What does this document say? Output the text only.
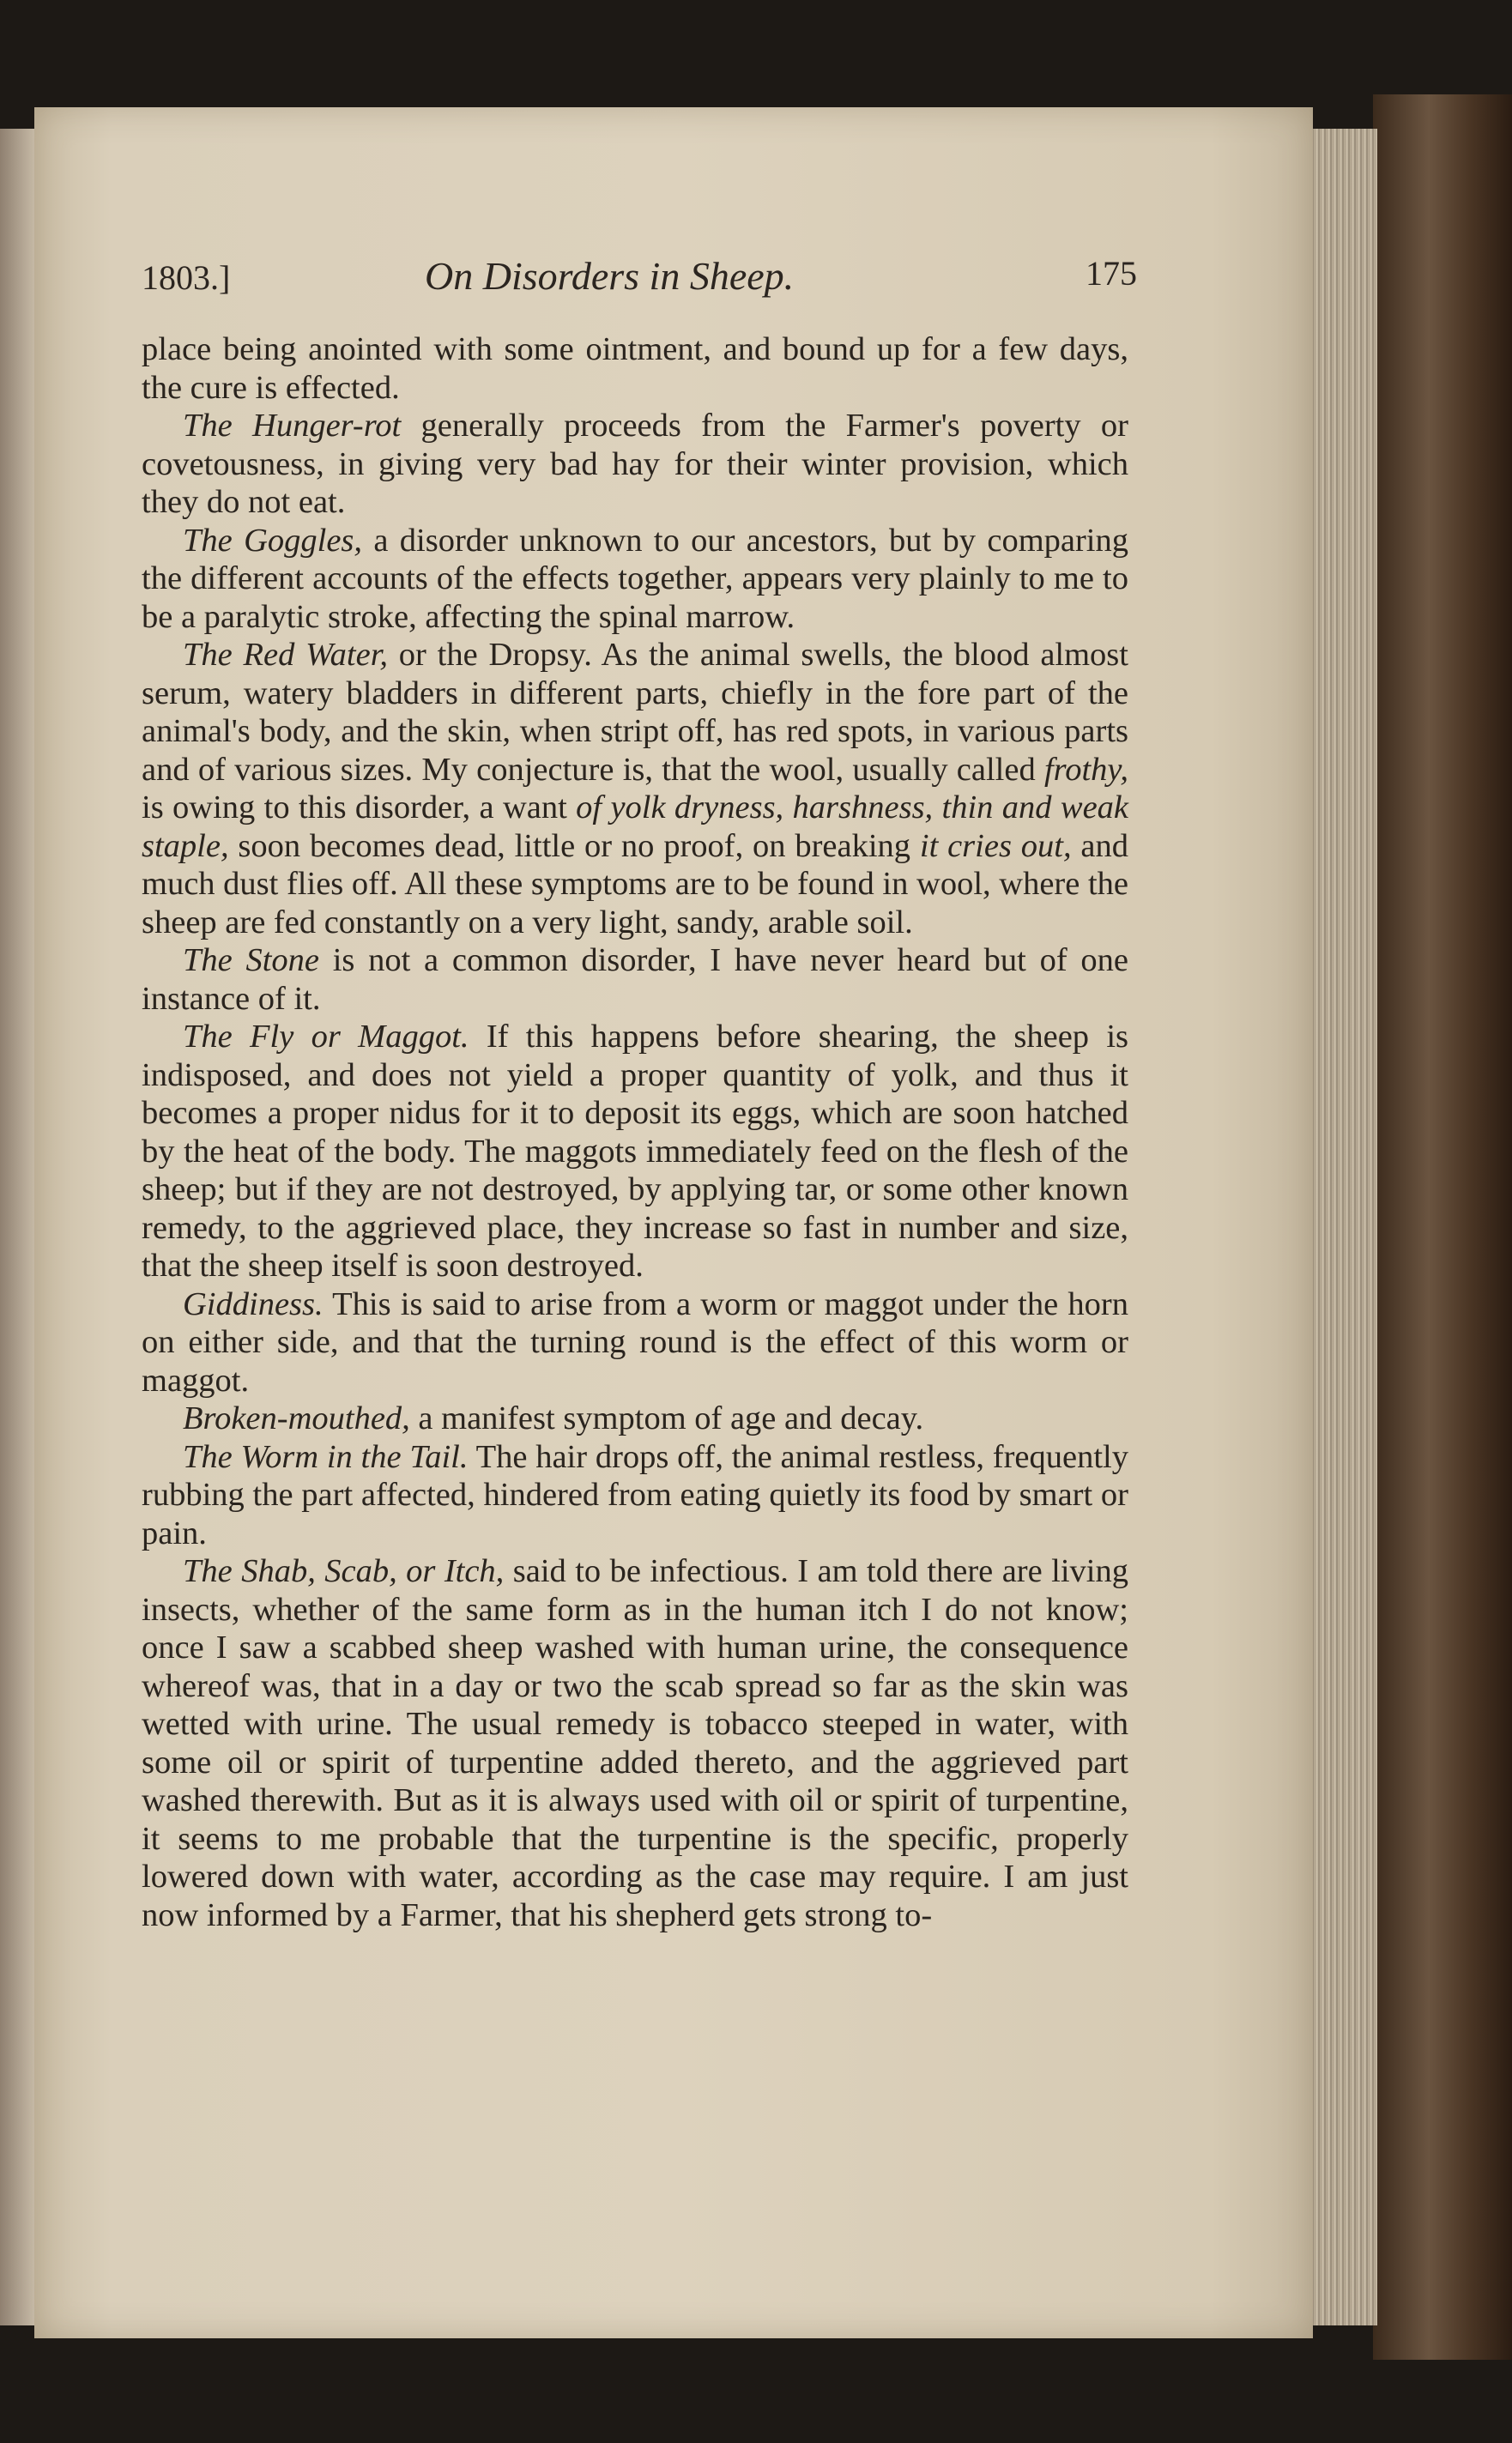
1803.]	On Disorders in Sheep.	175

place being anointed with some ointment, and bound up for a few days, the cure is effected.

The Hunger-rot generally proceeds from the Farmer's poverty or covetousness, in giving very bad hay for their winter provision, which they do not eat.

The Goggles, a disorder unknown to our ancestors, but by comparing the different accounts of the effects together, appears very plainly to me to be a paralytic stroke, affecting the spinal marrow.

The Red Water, or the Dropsy. As the animal swells, the blood almost serum, watery bladders in different parts, chiefly in the fore part of the animal's body, and the skin, when stript off, has red spots, in various parts and of various sizes. My conjecture is, that the wool, usually called frothy, is owing to this disorder, a want of yolk dryness, harshness, thin and weak staple, soon becomes dead, little or no proof, on breaking it cries out, and much dust flies off. All these symptoms are to be found in wool, where the sheep are fed constantly on a very light, sandy, arable soil.

The Stone is not a common disorder, I have never heard but of one instance of it.

The Fly or Maggot. If this happens before shearing, the sheep is indisposed, and does not yield a proper quantity of yolk, and thus it becomes a proper nidus for it to deposit its eggs, which are soon hatched by the heat of the body. The maggots immediately feed on the flesh of the sheep; but if they are not destroyed, by applying tar, or some other known remedy, to the aggrieved place, they increase so fast in number and size, that the sheep itself is soon destroyed.

Giddiness. This is said to arise from a worm or maggot under the horn on either side, and that the turning round is the effect of this worm or maggot.

Broken-mouthed, a manifest symptom of age and decay.

The Worm in the Tail. The hair drops off, the animal restless, frequently rubbing the part affected, hindered from eating quietly its food by smart or pain.

The Shab, Scab, or Itch, said to be infectious. I am told there are living insects, whether of the same form as in the human itch I do not know; once I saw a scabbed sheep washed with human urine, the consequence whereof was, that in a day or two the scab spread so far as the skin was wetted with urine. The usual remedy is tobacco steeped in water, with some oil or spirit of turpentine added thereto, and the aggrieved part washed therewith. But as it is always used with oil or spirit of turpentine, it seems to me probable that the turpentine is the specific, properly lowered down with water, according as the case may require. I am just now informed by a Farmer, that his shepherd gets strong to-
